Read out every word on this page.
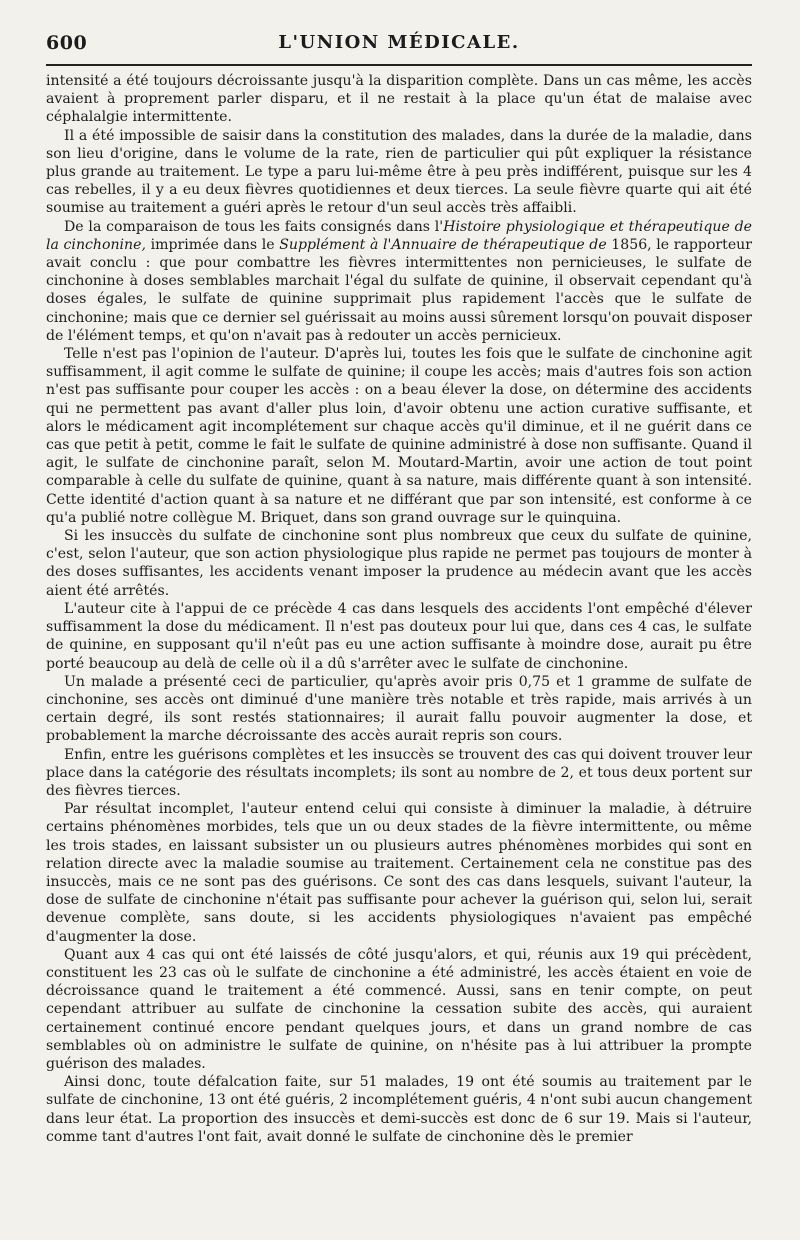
600	L'UNION MÉDICALE.

intensité a été toujours décroissante jusqu'à la disparition complète. Dans un cas même, les accès avaient à proprement parler disparu, et il ne restait à la place qu'un état de malaise avec céphalalgie intermittente.

Il a été impossible de saisir dans la constitution des malades, dans la durée de la maladie, dans son lieu d'origine, dans le volume de la rate, rien de particulier qui pût expliquer la résistance plus grande au traitement. Le type a paru lui-même être à peu près indifférent, puisque sur les 4 cas rebelles, il y a eu deux fièvres quotidiennes et deux tierces. La seule fièvre quarte qui ait été soumise au traitement a guéri après le retour d'un seul accès très affaibli.

De la comparaison de tous les faits consignés dans l'Histoire physiologique et thérapeutique de la cinchonine, imprimée dans le Supplément à l'Annuaire de thérapeutique de 1856, le rapporteur avait conclu : que pour combattre les fièvres intermittentes non pernicieuses, le sulfate de cinchonine à doses semblables marchait l'égal du sulfate de quinine, il observait cependant qu'à doses égales, le sulfate de quinine supprimait plus rapidement l'accès que le sulfate de cinchonine; mais que ce dernier sel guérissait au moins aussi sûrement lorsqu'on pouvait disposer de l'élément temps, et qu'on n'avait pas à redouter un accès pernicieux.

Telle n'est pas l'opinion de l'auteur. D'après lui, toutes les fois que le sulfate de cinchonine agit suffisamment, il agit comme le sulfate de quinine; il coupe les accès; mais d'autres fois son action n'est pas suffisante pour couper les accès : on a beau élever la dose, on détermine des accidents qui ne permettent pas avant d'aller plus loin, d'avoir obtenu une action curative suffisante, et alors le médicament agit incomplétement sur chaque accès qu'il diminue, et il ne guérit dans ce cas que petit à petit, comme le fait le sulfate de quinine administré à dose non suffisante. Quand il agit, le sulfate de cinchonine paraît, selon M. Moutard-Martin, avoir une action de tout point comparable à celle du sulfate de quinine, quant à sa nature, mais différente quant à son intensité. Cette identité d'action quant à sa nature et ne différant que par son intensité, est conforme à ce qu'a publié notre collègue M. Briquet, dans son grand ouvrage sur le quinquina.

Si les insuccès du sulfate de cinchonine sont plus nombreux que ceux du sulfate de quinine, c'est, selon l'auteur, que son action physiologique plus rapide ne permet pas toujours de monter à des doses suffisantes, les accidents venant imposer la prudence au médecin avant que les accès aient été arrêtés.

L'auteur cite à l'appui de ce précède 4 cas dans lesquels des accidents l'ont empêché d'élever suffisamment la dose du médicament. Il n'est pas douteux pour lui que, dans ces 4 cas, le sulfate de quinine, en supposant qu'il n'eût pas eu une action suffisante à moindre dose, aurait pu être porté beaucoup au delà de celle où il a dû s'arrêter avec le sulfate de cinchonine.

Un malade a présenté ceci de particulier, qu'après avoir pris 0,75 et 1 gramme de sulfate de cinchonine, ses accès ont diminué d'une manière très notable et très rapide, mais arrivés à un certain degré, ils sont restés stationnaires; il aurait fallu pouvoir augmenter la dose, et probablement la marche décroissante des accès aurait repris son cours.

Enfin, entre les guérisons complètes et les insuccès se trouvent des cas qui doivent trouver leur place dans la catégorie des résultats incomplets; ils sont au nombre de 2, et tous deux portent sur des fièvres tierces.

Par résultat incomplet, l'auteur entend celui qui consiste à diminuer la maladie, à détruire certains phénomènes morbides, tels que un ou deux stades de la fièvre intermittente, ou même les trois stades, en laissant subsister un ou plusieurs autres phénomènes morbides qui sont en relation directe avec la maladie soumise au traitement. Certainement cela ne constitue pas des insuccès, mais ce ne sont pas des guérisons. Ce sont des cas dans lesquels, suivant l'auteur, la dose de sulfate de cinchonine n'était pas suffisante pour achever la guérison qui, selon lui, serait devenue complète, sans doute, si les accidents physiologiques n'avaient pas empêché d'augmenter la dose.

Quant aux 4 cas qui ont été laissés de côté jusqu'alors, et qui, réunis aux 19 qui précèdent, constituent les 23 cas où le sulfate de cinchonine a été administré, les accès étaient en voie de décroissance quand le traitement a été commencé. Aussi, sans en tenir compte, on peut cependant attribuer au sulfate de cinchonine la cessation subite des accès, qui auraient certainement continué encore pendant quelques jours, et dans un grand nombre de cas semblables où on administre le sulfate de quinine, on n'hésite pas à lui attribuer la prompte guérison des malades.

Ainsi donc, toute défalcation faite, sur 51 malades, 19 ont été soumis au traitement par le sulfate de cinchonine, 13 ont été guéris, 2 incomplétement guéris, 4 n'ont subi aucun changement dans leur état. La proportion des insuccès et demi-succès est donc de 6 sur 19. Mais si l'auteur, comme tant d'autres l'ont fait, avait donné le sulfate de cinchonine dès le premier
